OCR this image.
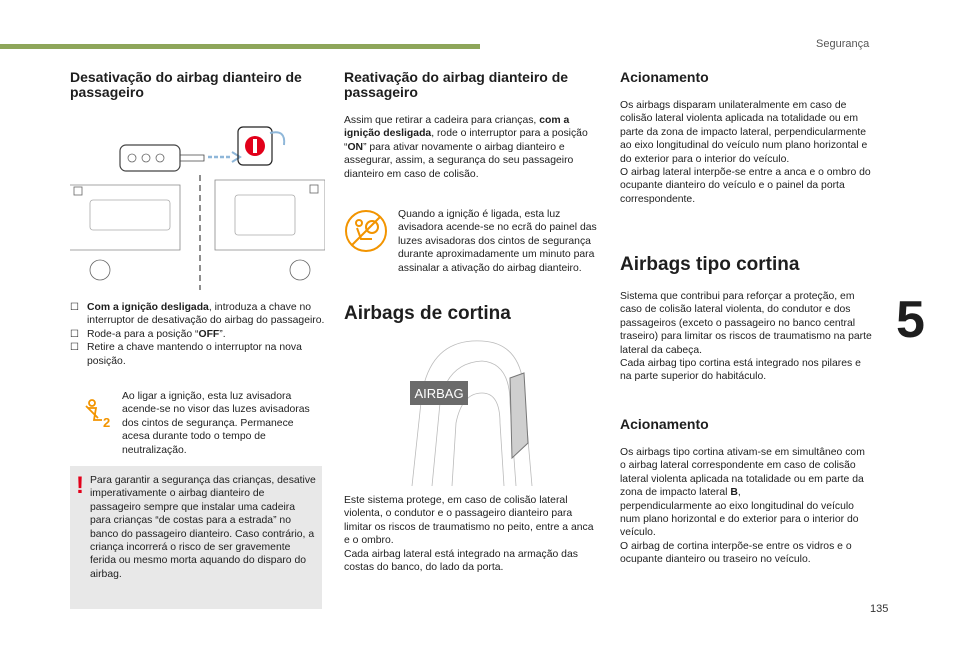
Segurança
5
135
Desativação do airbag dianteiro de passageiro
☐ Com a ignição desligada, introduza a chave no interruptor de desativação do airbag do passageiro.
☐ Rode-a para a posição “OFF”.
☐ Retire a chave mantendo o interruptor na nova posição.
2

Ao ligar a ignição, esta luz avisadora acende-se no visor das luzes avisadoras dos cintos de segurança. Permanece acesa durante todo o tempo de neutralização.

! Para garantir a segurança das crianças, desative imperativamente o airbag dianteiro de passageiro sempre que instalar uma cadeira para crianças “de costas para a estrada” no banco do passageiro dianteiro. Caso contrário, a criança incorrerá o risco de ser gravemente ferida ou mesmo morta aquando do disparo do airbag.

Reativação do airbag dianteiro de passageiro

Assim que retirar a cadeira para crianças, com a ignição desligada, rode o interruptor para a posição “ON” para ativar novamente o airbag dianteiro e assegurar, assim, a segurança do seu passageiro dianteiro em caso de colisão.

Quando a ignição é ligada, esta luz avisadora acende-se no ecrã do painel das luzes avisadoras dos cintos de segurança durante aproximadamente um minuto para assinalar a ativação do airbag dianteiro.

Airbags de cortina
AIRBAG

Este sistema protege, em caso de colisão lateral violenta, o condutor e o passageiro dianteiro para limitar os riscos de traumatismo no peito, entre a anca e o ombro.
Cada airbag lateral está integrado na armação das costas do banco, do lado da porta.

Acionamento

Os airbags disparam unilateralmente em caso de colisão lateral violenta aplicada na totalidade ou em parte da zona de impacto lateral, perpendicularmente ao eixo longitudinal do veículo num plano horizontal e do exterior para o interior do veículo.
O airbag lateral interpõe-se entre a anca e o ombro do ocupante dianteiro do veículo e o painel da porta correspondente.

Airbags tipo cortina

Sistema que contribui para reforçar a proteção, em caso de colisão lateral violenta, do condutor e dos passageiros (exceto o passageiro no banco central traseiro) para limitar os riscos de traumatismo na parte lateral da cabeça.
Cada airbag tipo cortina está integrado nos pilares e na parte superior do habitáculo.

Acionamento

Os airbags tipo cortina ativam-se em simultâneo com o airbag lateral correspondente em caso de colisão lateral violenta aplicada na totalidade ou em parte da zona de impacto lateral B,
perpendicularmente ao eixo longitudinal do veículo num plano horizontal e do exterior para o interior do veículo.
O airbag de cortina interpõe-se entre os vidros e o ocupante dianteiro ou traseiro no veículo.
